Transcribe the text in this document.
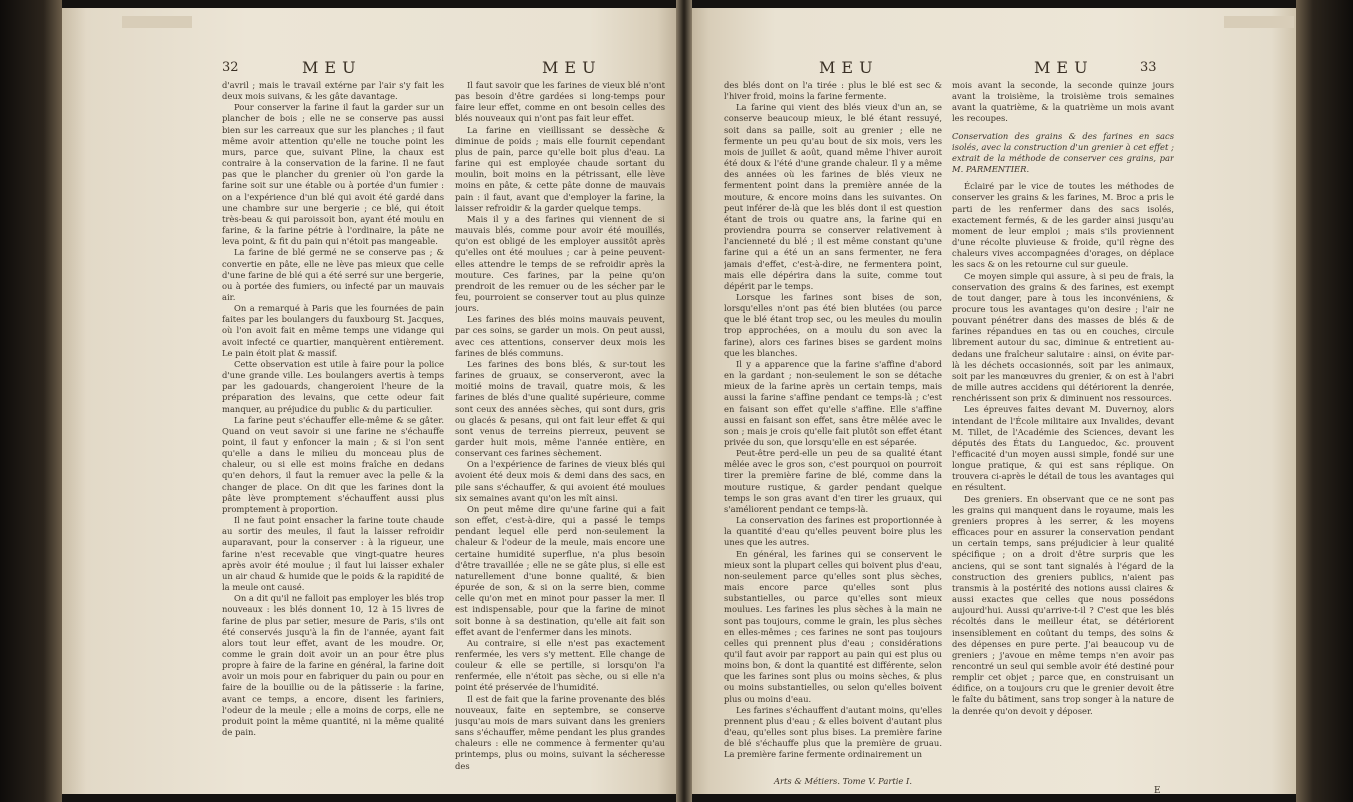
32	MEU	MEU

d'avril ; mais le travail extérne par l'air s'y fait les deux mois suivans, & les gâte davantage.

Pour conserver la farine il faut la garder sur un plancher de bois ; elle ne se conserve pas aussi bien sur les carreaux que sur les planches ; il faut même avoir attention qu'elle ne touche point les murs, parce que, suivant Pline, la chaux est contraire à la conservation de la farine. Il ne faut pas que le plancher du grenier où l'on garde la farine soit sur une étable ou à portée d'un fumier : on a l'expérience d'un blé qui avoit été gardé dans une chambre sur une bergerie ; ce blé, qui étoit très-beau & qui paroissoit bon, ayant été moulu en farine, & la farine pétrie à l'ordinaire, la pâte ne leva point, & fit du pain qui n'étoit pas mangeable.

La farine de blé germé ne se conserve pas ; & convertie en pâte, elle ne lève pas mieux que celle d'une farine de blé qui a été serré sur une bergerie, ou à portée des fumiers, ou infecté par un mauvais air.

On a remarqué à Paris que les fournées de pain faites par les boulangers du fauxbourg St. Jacques, où l'on avoit fait en même temps une vidange qui avoit infecté ce quartier, manquèrent entièrement. Le pain étoit plat & massif.

Cette observation est utile à faire pour la police d'une grande ville. Les boulangers avertis à temps par les gadouards, changeroient l'heure de la préparation des levains, que cette odeur fait manquer, au préjudice du public & du particulier.

La farine peut s'échauffer elle-même & se gâter. Quand on veut savoir si une farine ne s'échauffe point, il faut y enfoncer la main ; & si l'on sent qu'elle a dans le milieu du monceau plus de chaleur, ou si elle est moins fraîche en dedans qu'en dehors, il faut la remuer avec la pelle & la changer de place. On dit que les farines dont la pâte lève promptement s'échauffent aussi plus promptement à proportion.

Il ne faut point ensacher la farine toute chaude au sortir des meules, il faut la laisser refroidir auparavant, pour la conserver : à la rigueur, une farine n'est recevable que vingt-quatre heures après avoir été moulue ; il faut lui laisser exhaler un air chaud & humide que le poids & la rapidité de la meule ont causé.

On a dit qu'il ne falloit pas employer les blés trop nouveaux : les blés donnent 10, 12 à 15 livres de farine de plus par setier, mesure de Paris, s'ils ont été conservés jusqu'à la fin de l'année, ayant fait alors tout leur effet, avant de les moudre. Or, comme le grain doit avoir un an pour être plus propre à faire de la farine en général, la farine doit avoir un mois pour en fabriquer du pain ou pour en faire de la bouillie ou de la pâtisserie : la farine, avant ce temps, a encore, disent les fariniers, l'odeur de la meule ; elle a moins de corps, elle ne produit point la même quantité, ni la même qualité de pain.

Il faut savoir que les farines de vieux blé n'ont pas besoin d'être gardées si long-temps pour faire leur effet, comme en ont besoin celles des blés nouveaux qui n'ont pas fait leur effet.

La farine en vieillissant se dessèche & diminue de poids ; mais elle fournit cependant plus de pain, parce qu'elle boit plus d'eau. La farine qui est employée chaude sortant du moulin, boit moins en la pétrissant, elle lève moins en pâte, & cette pâte donne de mauvais pain : il faut, avant que d'employer la farine, la laisser refroidir & la garder quelque temps.

Mais il y a des farines qui viennent de si mauvais blés, comme pour avoir été mouillés, qu'on est obligé de les employer aussitôt après qu'elles ont été moulues ; car à peine peuvent-elles attendre le temps de se refroidir après la mouture. Ces farines, par la peine qu'on prendroit de les remuer ou de les sécher par le feu, pourroient se conserver tout au plus quinze jours.

Les farines des blés moins mauvais peuvent, par ces soins, se garder un mois. On peut aussi, avec ces attentions, conserver deux mois les farines de blés communs.

Les farines des bons blés, & sur-tout les farines de gruaux, se conserveront, avec la moitié moins de travail, quatre mois, & les farines de blés d'une qualité supérieure, comme sont ceux des années sèches, qui sont durs, gris ou glacés & pesans, qui ont fait leur effet & qui sont venus de terreins pierreux, peuvent se garder huit mois, même l'année entière, en conservant ces farines sèchement.

On a l'expérience de farines de vieux blés qui avoient été deux mois & demi dans des sacs, en pile sans s'échauffer, & qui avoient été moulues six semaines avant qu'on les mît ainsi.

On peut même dire qu'une farine qui a fait son effet, c'est-à-dire, qui a passé le temps pendant lequel elle perd non-seulement la chaleur & l'odeur de la meule, mais encore une certaine humidité superflue, n'a plus besoin d'être travaillée ; elle ne se gâte plus, si elle est naturellement d'une bonne qualité, & bien épurée de son, & si on la serre bien, comme celle qu'on met en minot pour passer la mer. Il est indispensable, pour que la farine de minot soit bonne à sa destination, qu'elle ait fait son effet avant de l'enfermer dans les minots.

Au contraire, si elle n'est pas exactement renfermée, les vers s'y mettent. Elle change de couleur & elle se pertille, si lorsqu'on l'a renfermée, elle n'étoit pas sèche, ou si elle n'a point été préservée de l'humidité.

Il est de fait que la farine provenante des blés nouveaux, faite en septembre, se conserve jusqu'au mois de mars suivant dans les greniers sans s'échauffer, même pendant les plus grandes chaleurs : elle ne commence à fermenter qu'au printemps, plus ou moins, suivant la sécheresse des

MEU	MEU	33

des blés dont on l'a tirée : plus le blé est sec & l'hiver froid, moins la farine fermente.

La farine qui vient des blés vieux d'un an, se conserve beaucoup mieux, le blé étant ressuyé, soit dans sa paille, soit au grenier ; elle ne fermente un peu qu'au bout de six mois, vers les mois de juillet & août, quand même l'hiver auroit été doux & l'été d'une grande chaleur. Il y a même des années où les farines de blés vieux ne fermentent point dans la première année de la mouture, & encore moins dans les suivantes. On peut inférer de-là que les blés dont il est question étant de trois ou quatre ans, la farine qui en proviendra pourra se conserver relativement à l'ancienneté du blé ; il est même constant qu'une farine qui a été un an sans fermenter, ne fera jamais d'effet, c'est-à-dire, ne fermentera point, mais elle dépérira dans la suite, comme tout dépérit par le temps.

Lorsque les farines sont bises de son, lorsqu'elles n'ont pas été bien blutées (ou parce que le blé étant trop sec, ou les meules du moulin trop approchées, on a moulu du son avec la farine), alors ces farines bises se gardent moins que les blanches.

Il y a apparence que la farine s'affine d'abord en la gardant ; non-seulement le son se détache mieux de la farine après un certain temps, mais aussi la farine s'affine pendant ce temps-là ; c'est en faisant son effet qu'elle s'affine. Elle s'affine aussi en faisant son effet, sans être mêlée avec le son ; mais je crois qu'elle fait plutôt son effet étant privée du son, que lorsqu'elle en est séparée.

Peut-être perd-elle un peu de sa qualité étant mêlée avec le gros son, c'est pourquoi on pourroit tirer la première farine de blé, comme dans la mouture rustique, & garder pendant quelque temps le son gras avant d'en tirer les gruaux, qui s'améliorent pendant ce temps-là.

La conservation des farines est proportionnée à la quantité d'eau qu'elles peuvent boire plus les unes que les autres.

En général, les farines qui se conservent le mieux sont la plupart celles qui boivent plus d'eau, non-seulement parce qu'elles sont plus sèches, mais encore parce qu'elles sont plus substantielles, ou parce qu'elles sont mieux moulues. Les farines les plus sèches à la main ne sont pas toujours, comme le grain, les plus sèches en elles-mêmes ; ces farines ne sont pas toujours celles qui prennent plus d'eau ; considérations qu'il faut avoir par rapport au pain qui est plus ou moins bon, & dont la quantité est différente, selon que les farines sont plus ou moins sèches, & plus ou moins substantielles, ou selon qu'elles boivent plus ou moins d'eau.

Les farines s'échauffent d'autant moins, qu'elles prennent plus d'eau ; & elles boivent d'autant plus d'eau, qu'elles sont plus bises. La première farine de blé s'échauffe plus que la première de gruau. La première farine fermente ordinairement un

Arts & Métiers. Tome V. Partie I.

mois avant la seconde, la seconde quinze jours avant la troisième, la troisième trois semaines avant la quatrième, & la quatrième un mois avant les recoupes.

Conservation des grains & des farines en sacs isolés, avec la construction d'un grenier à cet effet ; extrait de la méthode de conserver ces grains, par M. PARMENTIER.

Éclairé par le vice de toutes les méthodes de conserver les grains & les farines, M. Broc a pris le parti de les renfermer dans des sacs isolés, exactement fermés, & de les garder ainsi jusqu'au moment de leur emploi ; mais s'ils proviennent d'une récolte pluvieuse & froide, qu'il règne des chaleurs vives accompagnées d'orages, on déplace les sacs & on les retourne cul sur gueule.

Ce moyen simple qui assure, à si peu de frais, la conservation des grains & des farines, est exempt de tout danger, pare à tous les inconvéniens, & procure tous les avantages qu'on desire ; l'air ne pouvant pénétrer dans des masses de blés & de farines répandues en tas ou en couches, circule librement autour du sac, diminue & entretient au-dedans une fraîcheur salutaire : ainsi, on évite par-là les déchets occasionnés, soit par les animaux, soit par les manœuvres du grenier, & on est à l'abri de mille autres accidens qui détériorent la denrée, renchérissent son prix & diminuent nos ressources.

Les épreuves faites devant M. Duvernoy, alors intendant de l'École militaire aux Invalides, devant M. Tillet, de l'Académie des Sciences, devant les députés des États du Languedoc, &c. prouvent l'efficacité d'un moyen aussi simple, fondé sur une longue pratique, & qui est sans réplique. On trouvera ci-après le détail de tous les avantages qui en résultent.

Des greniers. En observant que ce ne sont pas les grains qui manquent dans le royaume, mais les greniers propres à les serrer, & les moyens efficaces pour en assurer la conservation pendant un certain temps, sans préjudicier à leur qualité spécifique ; on a droit d'être surpris que les anciens, qui se sont tant signalés à l'égard de la construction des greniers publics, n'aient pas transmis à la postérité des notions aussi claires & aussi exactes que celles que nous possédons aujourd'hui. Aussi qu'arrive-t-il ? C'est que les blés récoltés dans le meilleur état, se détériorent insensiblement en coûtant du temps, des soins & des dépenses en pure perte. J'ai beaucoup vu de greniers ; j'avoue en même temps n'en avoir pas rencontré un seul qui semble avoir été destiné pour remplir cet objet ; parce que, en construisant un édifice, on a toujours cru que le grenier devoit être le faîte du bâtiment, sans trop songer à la nature de la denrée qu'on devoit y déposer.

E
